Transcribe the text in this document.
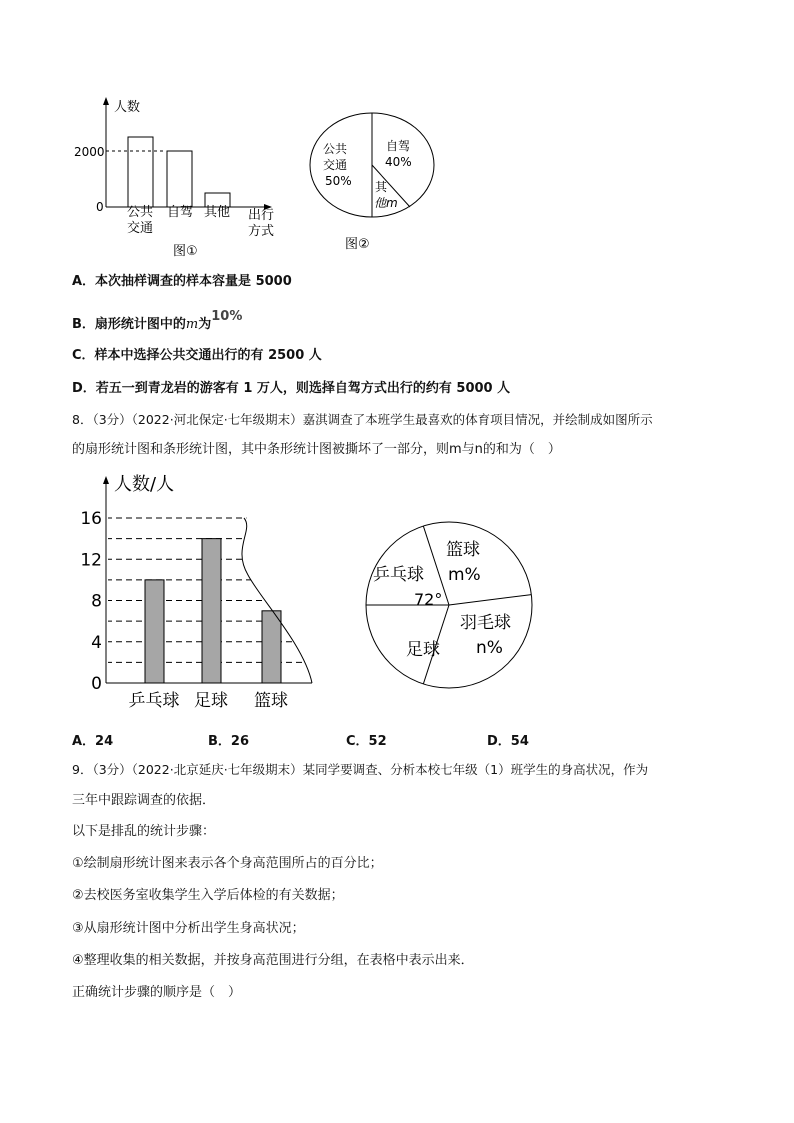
人数
2000
0 公共
交通
自驾 其他 出行
方式
图①
公共
交通
50%
自驾
40%
其
他m
图②
A．本次抽样调查的样本容量是 5000
B．扇形统计图中的m为10%
C．样本中选择公共交通出行的有 2500 人
D．若五一到青龙岩的游客有 1 万人，则选择自驾方式出行的约有 5000 人
8．（3分）（2022·河北保定·七年级期末）嘉淇调查了本班学生最喜欢的体育项目情况，并绘制成如图所示
的扇形统计图和条形统计图，其中条形统计图被撕坏了一部分，则m与n的和为（　）
人数/人
16
12
8
4
0
乒乓球 足球 篮球
乒乓球
72°
篮球
m%
羽毛球
n%
足球
A．24	B．26	C．52	D．54
9．（3分）（2022·北京延庆·七年级期末）某同学要调查、分析本校七年级（1）班学生的身高状况，作为
三年中跟踪调查的依据．
以下是排乱的统计步骤：
①绘制扇形统计图来表示各个身高范围所占的百分比；
②去校医务室收集学生入学后体检的有关数据；
③从扇形统计图中分析出学生身高状况；
④整理收集的相关数据，并按身高范围进行分组，在表格中表示出来．
正确统计步骤的顺序是（　）
